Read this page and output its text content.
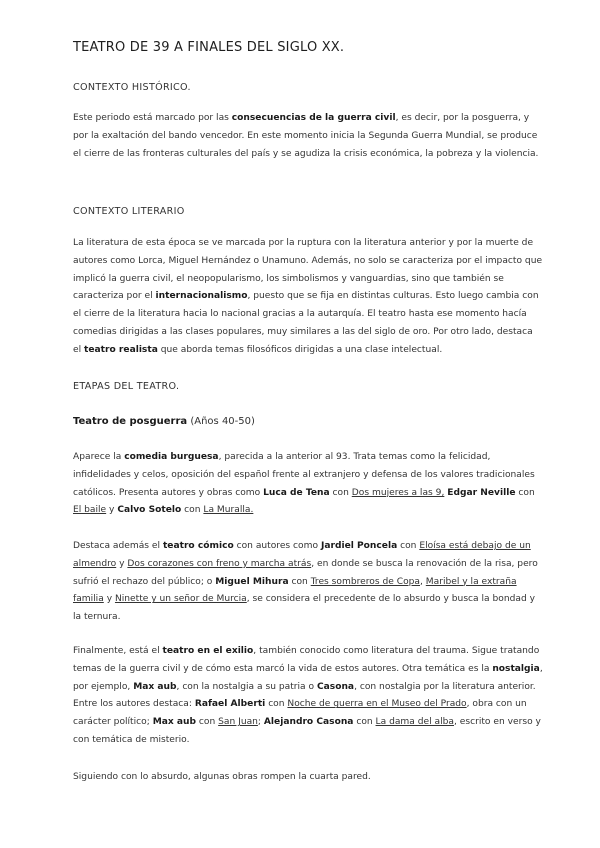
TEATRO DE 39 A FINALES DEL SIGLO XX.
CONTEXTO HISTÓRICO.

Este periodo está marcado por las consecuencias de la guerra civil, es decir, por la posguerra, y por la exaltación del bando vencedor. En este momento inicia la Segunda Guerra Mundial, se produce el cierre de las fronteras culturales del país y se agudiza la crisis económica, la pobreza y la violencia.

CONTEXTO LITERARIO

La literatura de esta época se ve marcada por la ruptura con la literatura anterior y por la muerte de autores como Lorca, Miguel Hernández o Unamuno. Además, no solo se caracteriza por el impacto que implicó la guerra civil, el neopopularismo, los simbolismos y vanguardias, sino que también se caracteriza por el internacionalismo, puesto que se fija en distintas culturas. Esto luego cambia con el cierre de la literatura hacia lo nacional gracias a la autarquía. El teatro hasta ese momento hacía comedias dirigidas a las clases populares, muy similares a las del siglo de oro. Por otro lado, destaca el teatro realista que aborda temas filosóficos dirigidas a una clase intelectual.

ETAPAS DEL TEATRO.

Teatro de posguerra (Años 40-50)

Aparece la comedia burguesa, parecida a la anterior al 93. Trata temas como la felicidad, infidelidades y celos, oposición del español frente al extranjero y defensa de los valores tradicionales católicos. Presenta autores y obras como Luca de Tena con Dos mujeres a las 9, Edgar Neville con El baile y Calvo Sotelo con La Muralla.

Destaca además el teatro cómico con autores como Jardiel Poncela con Eloísa está debajo de un almendro y Dos corazones con freno y marcha atrás, en donde se busca la renovación de la risa, pero sufrió el rechazo del público; o Miguel Mihura con Tres sombreros de Copa, Maribel y la extraña familia y Ninette y un señor de Murcia, se considera el precedente de lo absurdo y busca la bondad y la ternura.

Finalmente, está el teatro en el exilio, también conocido como literatura del trauma. Sigue tratando temas de la guerra civil y de cómo esta marcó la vida de estos autores. Otra temática es la nostalgia, por ejemplo, Max aub, con la nostalgia a su patria o Casona, con nostalgia por la literatura anterior. Entre los autores destaca: Rafael Alberti con Noche de guerra en el Museo del Prado, obra con un carácter político; Max aub con San Juan; Alejandro Casona con La dama del alba, escrito en verso y con temática de misterio.

Siguiendo con lo absurdo, algunas obras rompen la cuarta pared.
